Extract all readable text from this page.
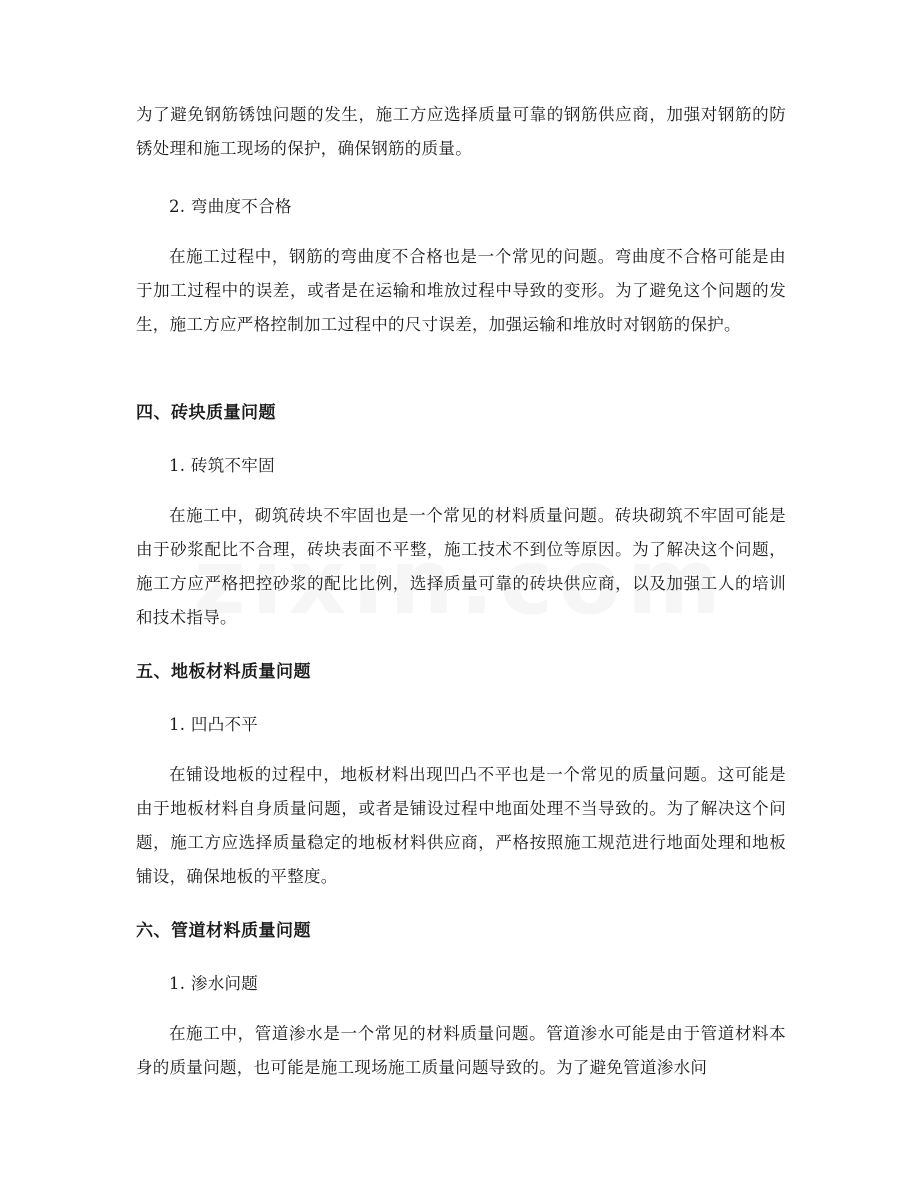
为了避免钢筋锈蚀问题的发生，施工方应选择质量可靠的钢筋供应商，加强对钢筋的防锈处理和施工现场的保护，确保钢筋的质量。

2. 弯曲度不合格

在施工过程中，钢筋的弯曲度不合格也是一个常见的问题。弯曲度不合格可能是由于加工过程中的误差，或者是在运输和堆放过程中导致的变形。为了避免这个问题的发生，施工方应严格控制加工过程中的尺寸误差，加强运输和堆放时对钢筋的保护。

四、砖块质量问题

1. 砖筑不牢固

在施工中，砌筑砖块不牢固也是一个常见的材料质量问题。砖块砌筑不牢固可能是由于砂浆配比不合理，砖块表面不平整，施工技术不到位等原因。为了解决这个问题，施工方应严格把控砂浆的配比比例，选择质量可靠的砖块供应商，以及加强工人的培训和技术指导。

五、地板材料质量问题

1. 凹凸不平

在铺设地板的过程中，地板材料出现凹凸不平也是一个常见的质量问题。这可能是由于地板材料自身质量问题，或者是铺设过程中地面处理不当导致的。为了解决这个问题，施工方应选择质量稳定的地板材料供应商，严格按照施工规范进行地面处理和地板铺设，确保地板的平整度。

六、管道材料质量问题

1. 渗水问题

在施工中，管道渗水是一个常见的材料质量问题。管道渗水可能是由于管道材料本身的质量问题，也可能是施工现场施工质量问题导致的。为了避免管道渗水问
